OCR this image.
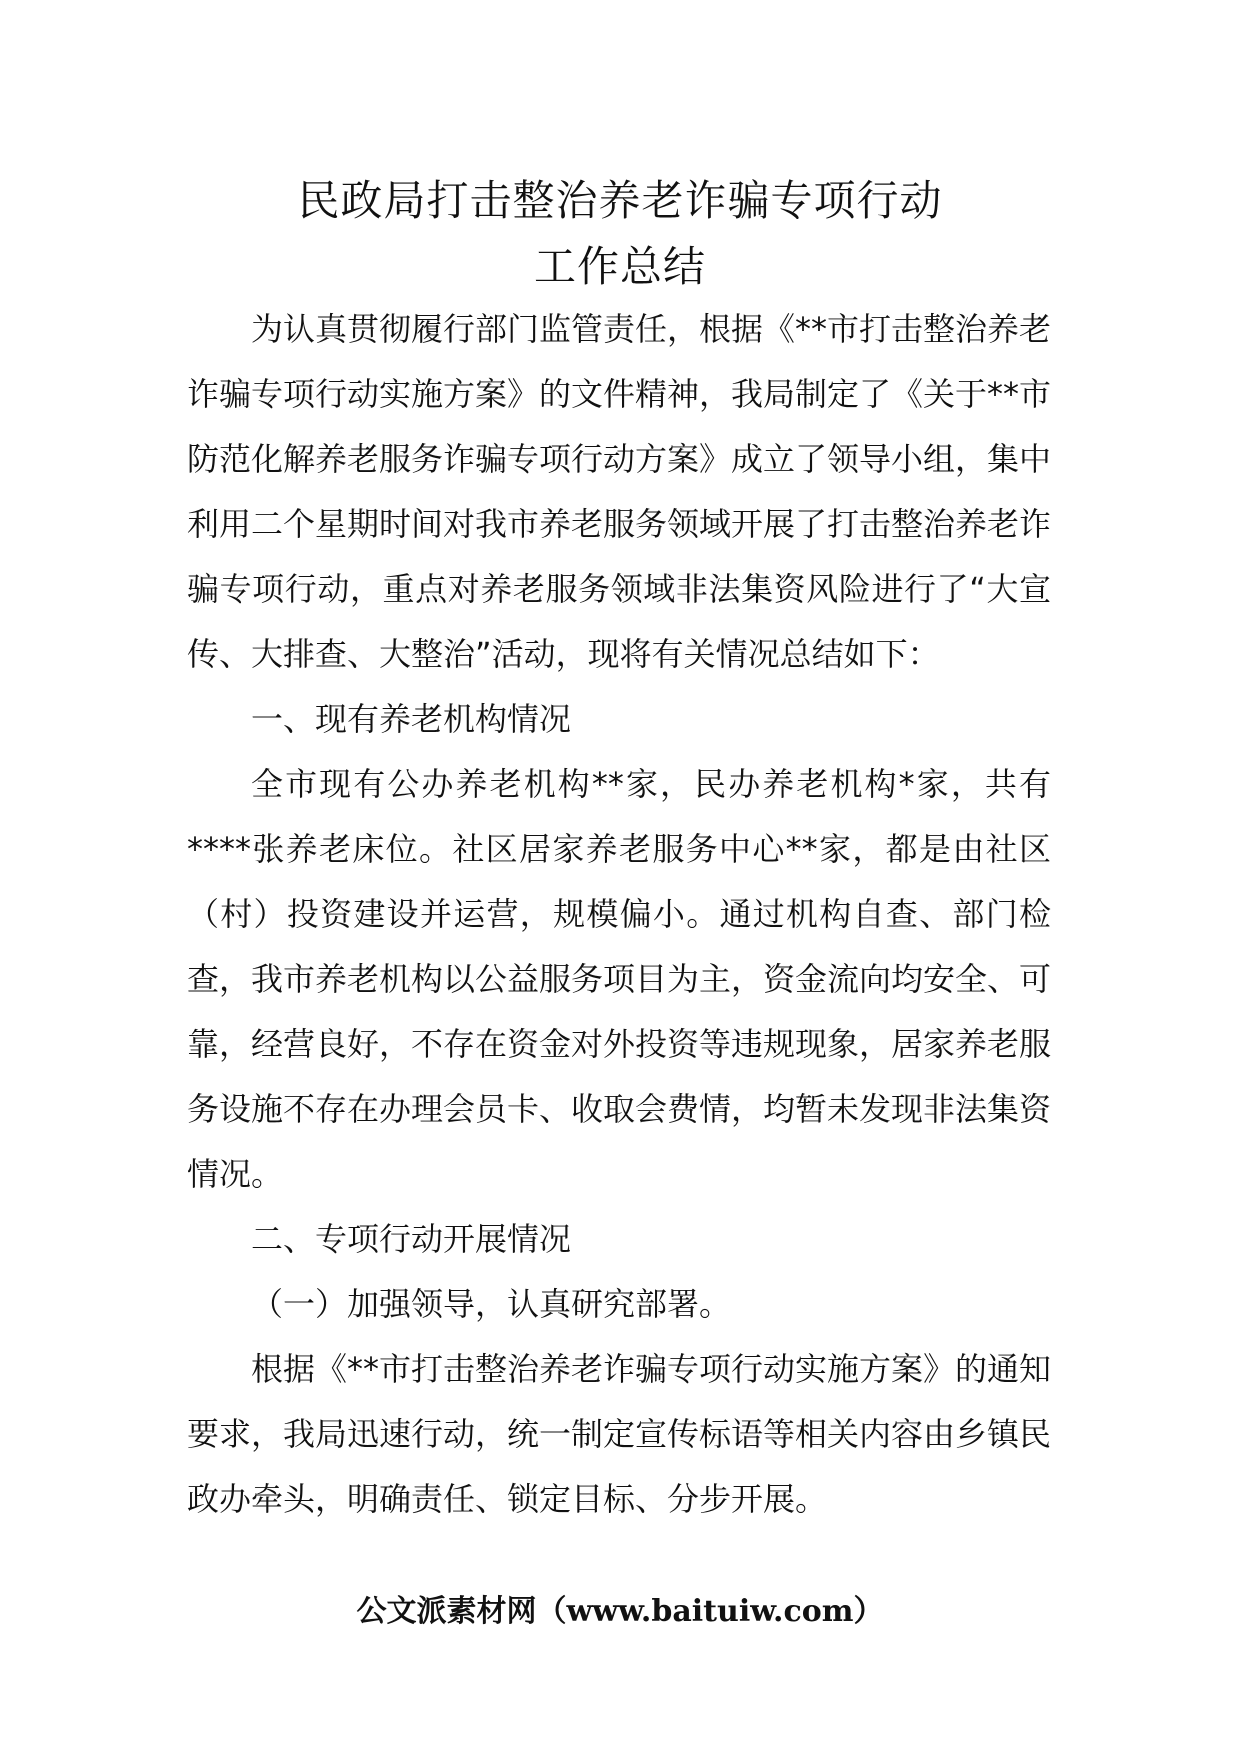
民政局打击整治养老诈骗专项行动
工作总结

为认真贯彻履行部门监管责任，根据《**市打击整治养老诈骗专项行动实施方案》的文件精神，我局制定了《关于**市防范化解养老服务诈骗专项行动方案》成立了领导小组，集中利用二个星期时间对我市养老服务领域开展了打击整治养老诈骗专项行动，重点对养老服务领域非法集资风险进行了“大宣传、大排查、大整治”活动，现将有关情况总结如下：

一、现有养老机构情况

全市现有公办养老机构**家，民办养老机构*家，共有****张养老床位。社区居家养老服务中心**家，都是由社区（村）投资建设并运营，规模偏小。通过机构自查、部门检查，我市养老机构以公益服务项目为主，资金流向均安全、可靠，经营良好，不存在资金对外投资等违规现象，居家养老服务设施不存在办理会员卡、收取会费情，均暂未发现非法集资情况。

二、专项行动开展情况

（一）加强领导，认真研究部署。

根据《**市打击整治养老诈骗专项行动实施方案》的通知要求，我局迅速行动，统一制定宣传标语等相关内容由乡镇民政办牵头，明确责任、锁定目标、分步开展。

公文派素材网（www.baituiw.com）
